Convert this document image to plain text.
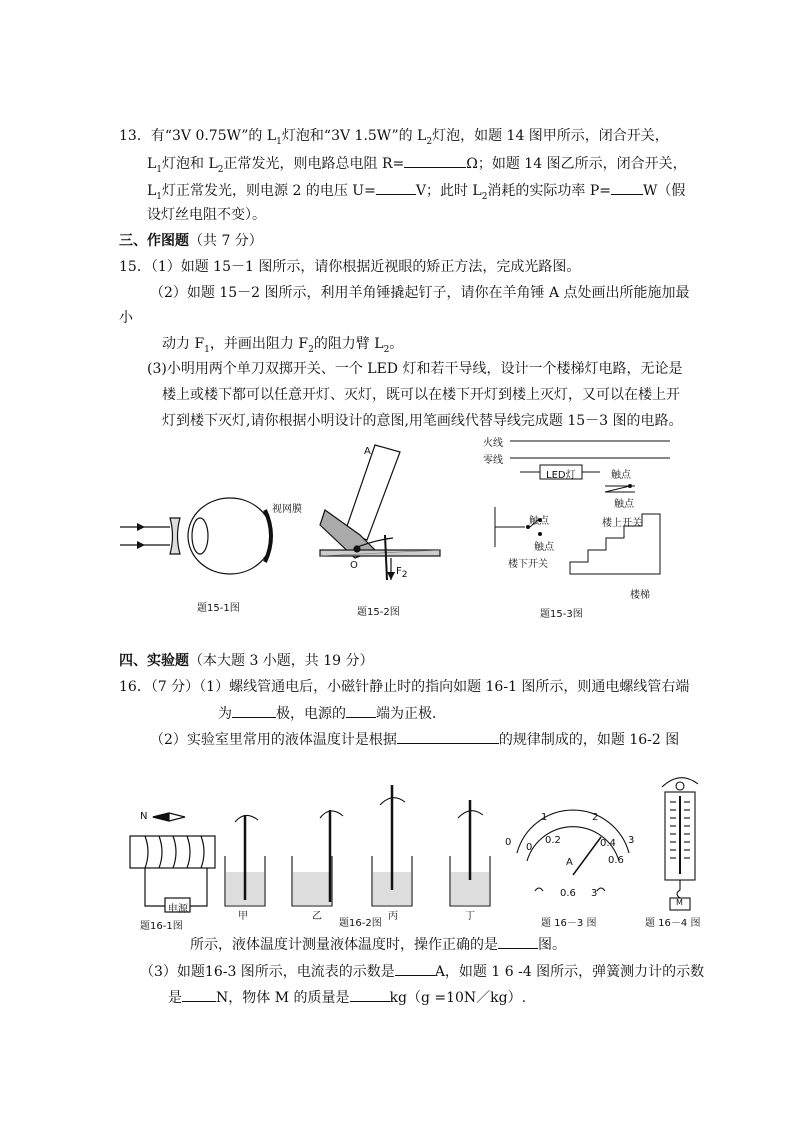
13．有“3V 0.75W”的 $L_1$灯泡和“3V 1.5W”的 $L_2$灯泡，如题 14 图甲所示，闭合开关，
$L_1$灯泡和 $L_2$正常发光，则电路总电阻 R=	Ω；如题 14 图乙所示，闭合开关，
$L_1$灯正常发光，则电源 2 的电压 U=	V；此时 $L_2$消耗的实际功率 P= W（假
设灯丝电阻不变）。
三、作图题（共 7 分）
15．（1）如题 15－1 图所示，请你根据近视眼的矫正方法，完成光路图。
（2）如题 15－2 图所示，利用羊角锤撬起钉子，请你在羊角锤 A 点处画出所能施加最
小
动力 $F_1$，并画出阻力 $F_2$的阻力臂 $L_2$。
(3)小明用两个单刀双掷开关、一个 LED 灯和若干导线，设计一个楼梯灯电路，无论是
楼上或楼下都可以任意开灯、灭灯，既可以在楼下开灯到楼上灭灯，又可以在楼上开
灯到楼下灭灯,请你根据小明设计的意图,用笔画线代替导线完成题 15－3 图的电路。
视网膜
题15-1图
A
O
$F_2$
题15-2图
火线
零线
LED灯	触点
触点
楼上开关
触点
触点
楼下开关
楼梯
题15-3图
四、实验题（本大题 3 小题，共 19 分）
16．（7 分）（1）螺线管通电后，小磁针静止时的指向如题 16-1 图所示，则通电螺线管右端
为	极，电源的 端为正极．
（2）实验室里常用的液体温度计是根据	的规律制成的，如题 16-2 图
N
电源
题16-1图
甲	乙
题16-2图
丙	丁
0
1	2
3
0
0.2	0.4
0.6
A
0.6 3
题 16－3 图
M
题 16－4 图
所示，液体温度计测量液体温度时，操作正确的是	图。
（3）如题16-3 图所示，电流表的示数是	A，如题 1 6 -4 图所示，弹簧测力计的示数
是 N，物体 M 的质量是	kg（g =10N／kg）.
